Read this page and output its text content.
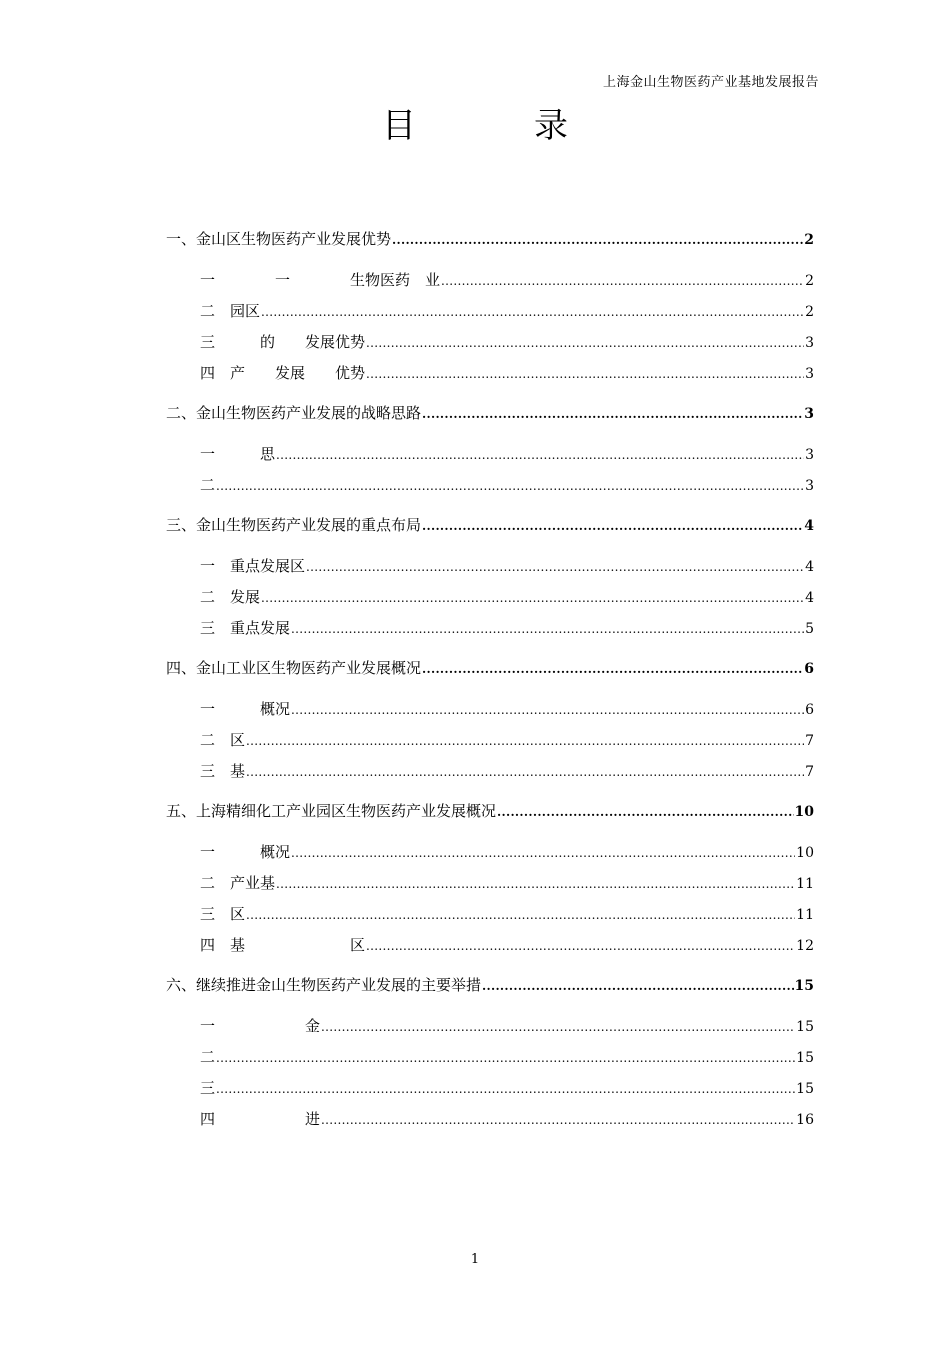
上海金山生物医药产业基地发展报告
目　录
一、金山区生物医药产业发展优势 .....	2
一　　　　一　　　　生物医药　业 .....	2
二　园区 .....	2
三　　　的　　发展优势 .....	3
四　产　　发展　　优势 .....	3
二、金山生物医药产业发展的战略思路 .....	3
一　　　思 .....	3
二 .....	3
三、金山生物医药产业发展的重点布局 .....	4
一　重点发展区 .....	4
二　发展 .....	4
三　重点发展 .....	5
四、金山工业区生物医药产业发展概况 .....	6
一　　　概况 .....	6
二　区 .....	7
三　基 .....	7
五、上海精细化工产业园区生物医药产业发展概况 .....	10
一　　　概况 .....	10
二　产业基 .....	11
三　区 .....	11
四　基　　　　　　　区 .....	12
六、继续推进金山生物医药产业发展的主要举措 .....	15
一　　　　　　金 .....	15
二 .....	15
三 .....	15
四　　　　　　进 .....	16
1
